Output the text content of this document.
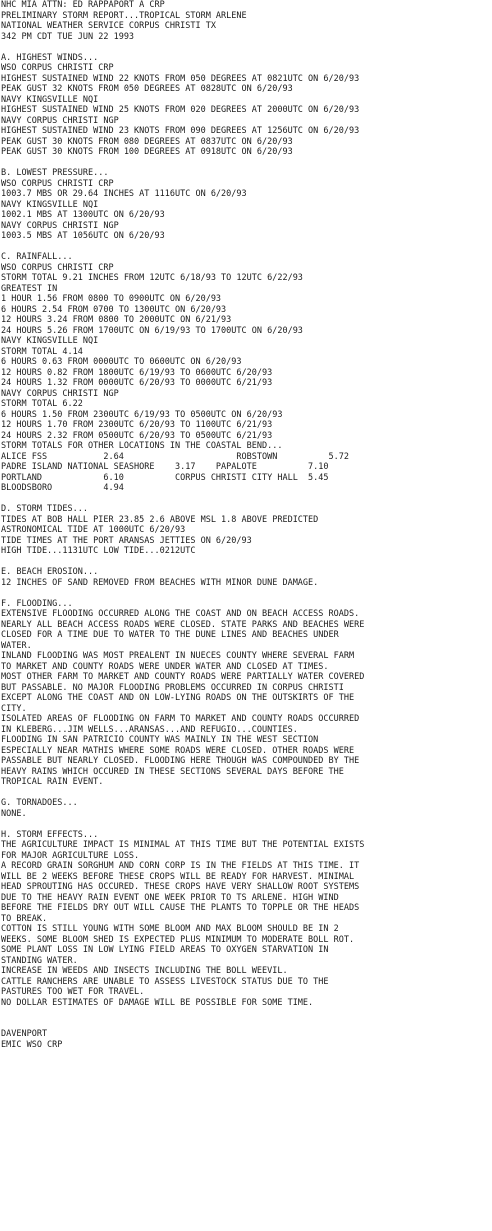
NHC MIA ATTN: ED RAPPAPORT A CRP
PRELIMINARY STORM REPORT...TROPICAL STORM ARLENE
NATIONAL WEATHER SERVICE CORPUS CHRISTI TX
342 PM CDT TUE JUN 22 1993
A. HIGHEST WINDS...
WSO CORPUS CHRISTI CRP
HIGHEST SUSTAINED WIND 22 KNOTS FROM 050 DEGREES AT 0821UTC ON 6/20/93
PEAK GUST 32 KNOTS FROM 050 DEGREES AT 0828UTC ON 6/20/93
NAVY KINGSVILLE NQI
HIGHEST SUSTAINED WIND 25 KNOTS FROM 020 DEGREES AT 2000UTC ON 6/20/93
NAVY CORPUS CHRISTI NGP
HIGHEST SUSTAINED WIND 23 KNOTS FROM 090 DEGREES AT 1256UTC ON 6/20/93
PEAK GUST 30 KNOTS FROM 080 DEGREES AT 0837UTC ON 6/20/93
PEAK GUST 30 KNOTS FROM 100 DEGREES AT 0918UTC ON 6/20/93
B. LOWEST PRESSURE...
WSO CORPUS CHRISTI CRP
1003.7 MBS OR 29.64 INCHES AT 1116UTC ON 6/20/93
NAVY KINGSVILLE NQI
1002.1 MBS AT 1300UTC ON 6/20/93
NAVY CORPUS CHRISTI NGP
1003.5 MBS AT 1056UTC ON 6/20/93
C. RAINFALL...
WSO CORPUS CHRISTI CRP
STORM TOTAL 9.21 INCHES FROM 12UTC 6/18/93 TO 12UTC 6/22/93
GREATEST IN
1 HOUR 1.56 FROM 0800 TO 0900UTC ON 6/20/93
6 HOURS 2.54 FROM 0700 TO 1300UTC ON 6/20/93
12 HOURS 3.24 FROM 0800 TO 2000UTC ON 6/21/93
24 HOURS 5.26 FROM 1700UTC ON 6/19/93 TO 1700UTC ON 6/20/93
NAVY KINGSVILLE NQI
STORM TOTAL 4.14
6 HOURS 0.63 FROM 0000UTC TO 0600UTC ON 6/20/93
12 HOURS 0.82 FROM 1800UTC 6/19/93 TO 0600UTC 6/20/93
24 HOURS 1.32 FROM 0000UTC 6/20/93 TO 0000UTC 6/21/93
NAVY CORPUS CHRISTI NGP
STORM TOTAL 6.22
6 HOURS 1.50 FROM 2300UTC 6/19/93 TO 0500UTC ON 6/20/93
12 HOURS 1.70 FROM 2300UTC 6/20/93 TO 1100UTC 6/21/93
24 HOURS 2.32 FROM 0500UTC 6/20/93 TO 0500UTC 6/21/93
STORM TOTALS FOR OTHER LOCATIONS IN THE COASTAL BEND...
ALICE FSS           2.64                      ROBSTOWN          5.72
PADRE ISLAND NATIONAL SEASHORE    3.17    PAPALOTE          7.10
PORTLAND            6.10          CORPUS CHRISTI CITY HALL  5.45
BLOODSBORO          4.94
D. STORM TIDES...
TIDES AT BOB HALL PIER 23.85 2.6 ABOVE MSL 1.8 ABOVE PREDICTED
ASTRONOMICAL TIDE AT 1000UTC 6/20/93
TIDE TIMES AT THE PORT ARANSAS JETTIES ON 6/20/93
HIGH TIDE...1131UTC LOW TIDE...0212UTC
E. BEACH EROSION...
12 INCHES OF SAND REMOVED FROM BEACHES WITH MINOR DUNE DAMAGE.
F. FLOODING...
EXTENSIVE FLOODING OCCURRED ALONG THE COAST AND ON BEACH ACCESS ROADS.
NEARLY ALL BEACH ACCESS ROADS WERE CLOSED. STATE PARKS AND BEACHES WERE
CLOSED FOR A TIME DUE TO WATER TO THE DUNE LINES AND BEACHES UNDER
WATER.
INLAND FLOODING WAS MOST PREALENT IN NUECES COUNTY WHERE SEVERAL FARM
TO MARKET AND COUNTY ROADS WERE UNDER WATER AND CLOSED AT TIMES.
MOST OTHER FARM TO MARKET AND COUNTY ROADS WERE PARTIALLY WATER COVERED
BUT PASSABLE. NO MAJOR FLOODING PROBLEMS OCCURRED IN CORPUS CHRISTI
EXCEPT ALONG THE COAST AND ON LOW-LYING ROADS ON THE OUTSKIRTS OF THE
CITY.
ISOLATED AREAS OF FLOODING ON FARM TO MARKET AND COUNTY ROADS OCCURRED
IN KLEBERG...JIM WELLS...ARANSAS...AND REFUGIO...COUNTIES.
FLOODING IN SAN PATRICIO COUNTY WAS MAINLY IN THE WEST SECTION
ESPECIALLY NEAR MATHIS WHERE SOME ROADS WERE CLOSED. OTHER ROADS WERE
PASSABLE BUT NEARLY CLOSED. FLOODING HERE THOUGH WAS COMPOUNDED BY THE
HEAVY RAINS WHICH OCCURED IN THESE SECTIONS SEVERAL DAYS BEFORE THE
TROPICAL RAIN EVENT.
G. TORNADOES...
NONE.
H. STORM EFFECTS...
THE AGRICULTURE IMPACT IS MINIMAL AT THIS TIME BUT THE POTENTIAL EXISTS
FOR MAJOR AGRICULTURE LOSS.
A RECORD GRAIN SORGHUM AND CORN CORP IS IN THE FIELDS AT THIS TIME. IT
WILL BE 2 WEEKS BEFORE THESE CROPS WILL BE READY FOR HARVEST. MINIMAL
HEAD SPROUTING HAS OCCURED. THESE CROPS HAVE VERY SHALLOW ROOT SYSTEMS
DUE TO THE HEAVY RAIN EVENT ONE WEEK PRIOR TO TS ARLENE. HIGH WIND
BEFORE THE FIELDS DRY OUT WILL CAUSE THE PLANTS TO TOPPLE OR THE HEADS
TO BREAK.
COTTON IS STILL YOUNG WITH SOME BLOOM AND MAX BLOOM SHOULD BE IN 2
WEEKS. SOME BLOOM SHED IS EXPECTED PLUS MINIMUM TO MODERATE BOLL ROT.
SOME PLANT LOSS IN LOW LYING FIELD AREAS TO OXYGEN STARVATION IN
STANDING WATER.
INCREASE IN WEEDS AND INSECTS INCLUDING THE BOLL WEEVIL.
CATTLE RANCHERS ARE UNABLE TO ASSESS LIVESTOCK STATUS DUE TO THE
PASTURES TOO WET FOR TRAVEL.
NO DOLLAR ESTIMATES OF DAMAGE WILL BE POSSIBLE FOR SOME TIME.
DAVENPORT
EMIC WSO CRP
